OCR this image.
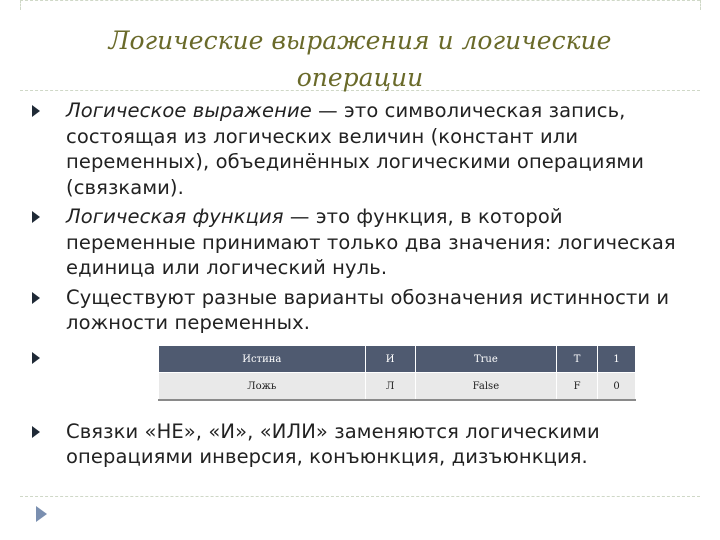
Логические выражения и логические операции
Логическое выражение — это символическая запись, состоящая из логических величин (констант или переменных), объединённых логическими операциями (связками).
Логическая функция — это функция, в которой переменные принимают только два значения: логическая единица или логический нуль.
Существуют разные варианты обозначения истинности и ложности переменных.
Связки «НЕ», «И», «ИЛИ» заменяются логическими операциями инверсия, конъюнкция, дизъюнкция.
Истина	И	True	T	1
Ложь	Л	False	F	0
